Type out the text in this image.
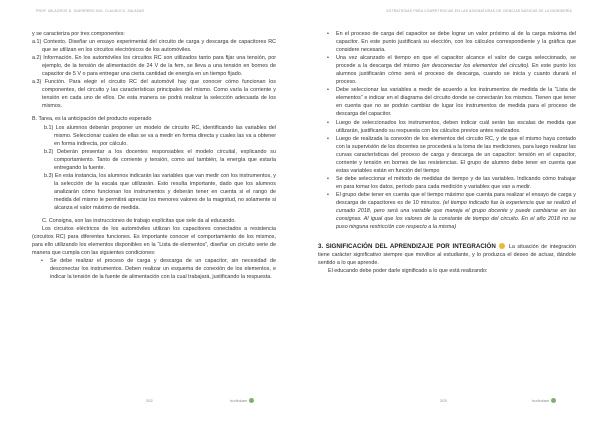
PROF. MILAGROS D. GUERRERO ING. CLAUDIO D. ZALAZAR

y se caracteriza por tres componentes:

a.1) Contexto. Diseñar un ensayo experimental del circuito de carga y descarga de capacitores RC que se utilizan en los circuitos electrónicos de los automóviles.

a.2) Información. En los automóviles los circuitos RC son utilizados tanto para fijar una tensión, por ejemplo, de la tensión de alimentación de 24 V de la fem, se lleva a una tensión en bornes de capacitor de 5 V o para entregar una cierta cantidad de energía en un tiempo fijado.

a.3) Función. Para elegir el circuito RC del automóvil hay que conocer cómo funcionan los componentes, del circuito y las características principales del mismo. Como varía la corriente y tensión en cada uno de ellos. De esta manera se podrá realizar la selección adecuada de los mismos.

B. Tarea, es la anticipación del producto esperado

b.1) Los alumnos deberán proponer un modelo de circuito RC, identificando las variables del mismo. Seleccionar cuales de ellas se va a medir en forma directa y cuales las va a obtener en forma indirecta, por cálculo.

b.2) Deberán presentar a los docentes responsables el modelo circuital, explicando su comportamiento. Tanto de corriente y tensión, como así también, la energía que estaría entregando la fuente.

b.3) En esta instancia, los alumnos indicarán las variables que van medir con los instrumentos, y la selección de la escala que utilizarán. Esto resulta importante, dado que los alumnos analizarán cómo funcionan los instrumentos y deberán tener en cuenta si el rango de medida del mismo le permitirá apreciar los menores valores de la magnitud, no solamente si alcanza el valor máximo de medida.

C. Consigna, son las instrucciones de trabajo explícitas que sele da al educando.

Los circuitos eléctricos de los automóviles utilizan los capacitores conectados a resistencia (circuitos RC) para diferentes funciones. Es importante conocer el comportamiento de los mismos, para ello utilizando los elementos disponibles en la “Lista de elementos”, diseñar un circuito serie de manera que cumpla con las siguientes condiciones:

• Se debe realizar el proceso de carga y descarga de un capacitor, sin necesidad de desconectar los instrumentos. Deben realizar un esquema de conexión de los elementos, e indicar la tensión de la fuente de alimentación con la cual trabajará, justificando la respuesta.

202	hurlinkam
ESTRATEGIAS PARA COMPETENCIAS EN LAS ASIGNATURAS DE CIENCIAS BÁSICAS DE LA INGENIERÍA

• En el proceso de carga del capacitor se debe lograr un valor próximo al de la carga máxima del capacitor. En este punto justificará su elección, con los cálculos correspondiente y la gráfica que considere necesaria.

• Una vez alcanzado el tiempo en que el capacitor alcance el valor de carga seleccionado, se procede a la descarga del mismo (en desconectar los elementos del circuito). En este punto los alumnos justificarán cómo será el proceso de descarga, cuando se inicia y cuanto durará el proceso.

• Debe seleccionar las variables a medir de acuerdo a los instrumentos de medida de la “Lista de elementos” e indicar en el diagrama del circuito donde se conectarán los mismos. Tienen que tener en cuenta que no se podrán cambiar de lugar los instrumentos de medida para el proceso de descarga del capacitor.

• Luego de seleccionados los instrumentos, deben indicar cuál serán las escalas de medida que utilizarán, justificando su respuesta con los cálculos previos antes realizados.

• Luego de realizada la conexión de los elementos del circuito RC, y de que el mismo haya contado con la supervisión de los docentes se procederá a la toma de las mediciones, para luego realizar las curvas características del proceso de carga y descarga de un capacitor: tensión en el capacitor, corriente y tensión en bornes de las resistencias. El grupo de alumno debe tener en cuenta que estas variables están en función del tiempo

• Se debe seleccionar el método de medidas de tiempo y de las variables. Indicando cómo trabajar en para tomar los datos, período para cada medición y variables que van a medir.

• El grupo debe tener en cuenta que el tiempo máximo que cuenta para realizar el ensayo de carga y descarga de capacitores es de 10 minutos. (el tiempo indicado fue la experiencia que se realizó el cursado 2018, pero será una variable que maneja el grupo docente y puede cambiarse en las consignas. Al igual que los valores de la constante de tiempo del circuito. En el año 2018 no se puso ninguna restricción con respecto a la misma)

3. SIGNIFICACIÓN DEL APRENDIZAJE POR INTEGRACIÓN La situación de integración tiene carácter significativo siempre que movilice al estudiante, y lo produzca el deseo de actuar, dándole sentido a lo que aprende.

El educando debe poder darle significado a lo que está realizando:

203	hurlinkam
